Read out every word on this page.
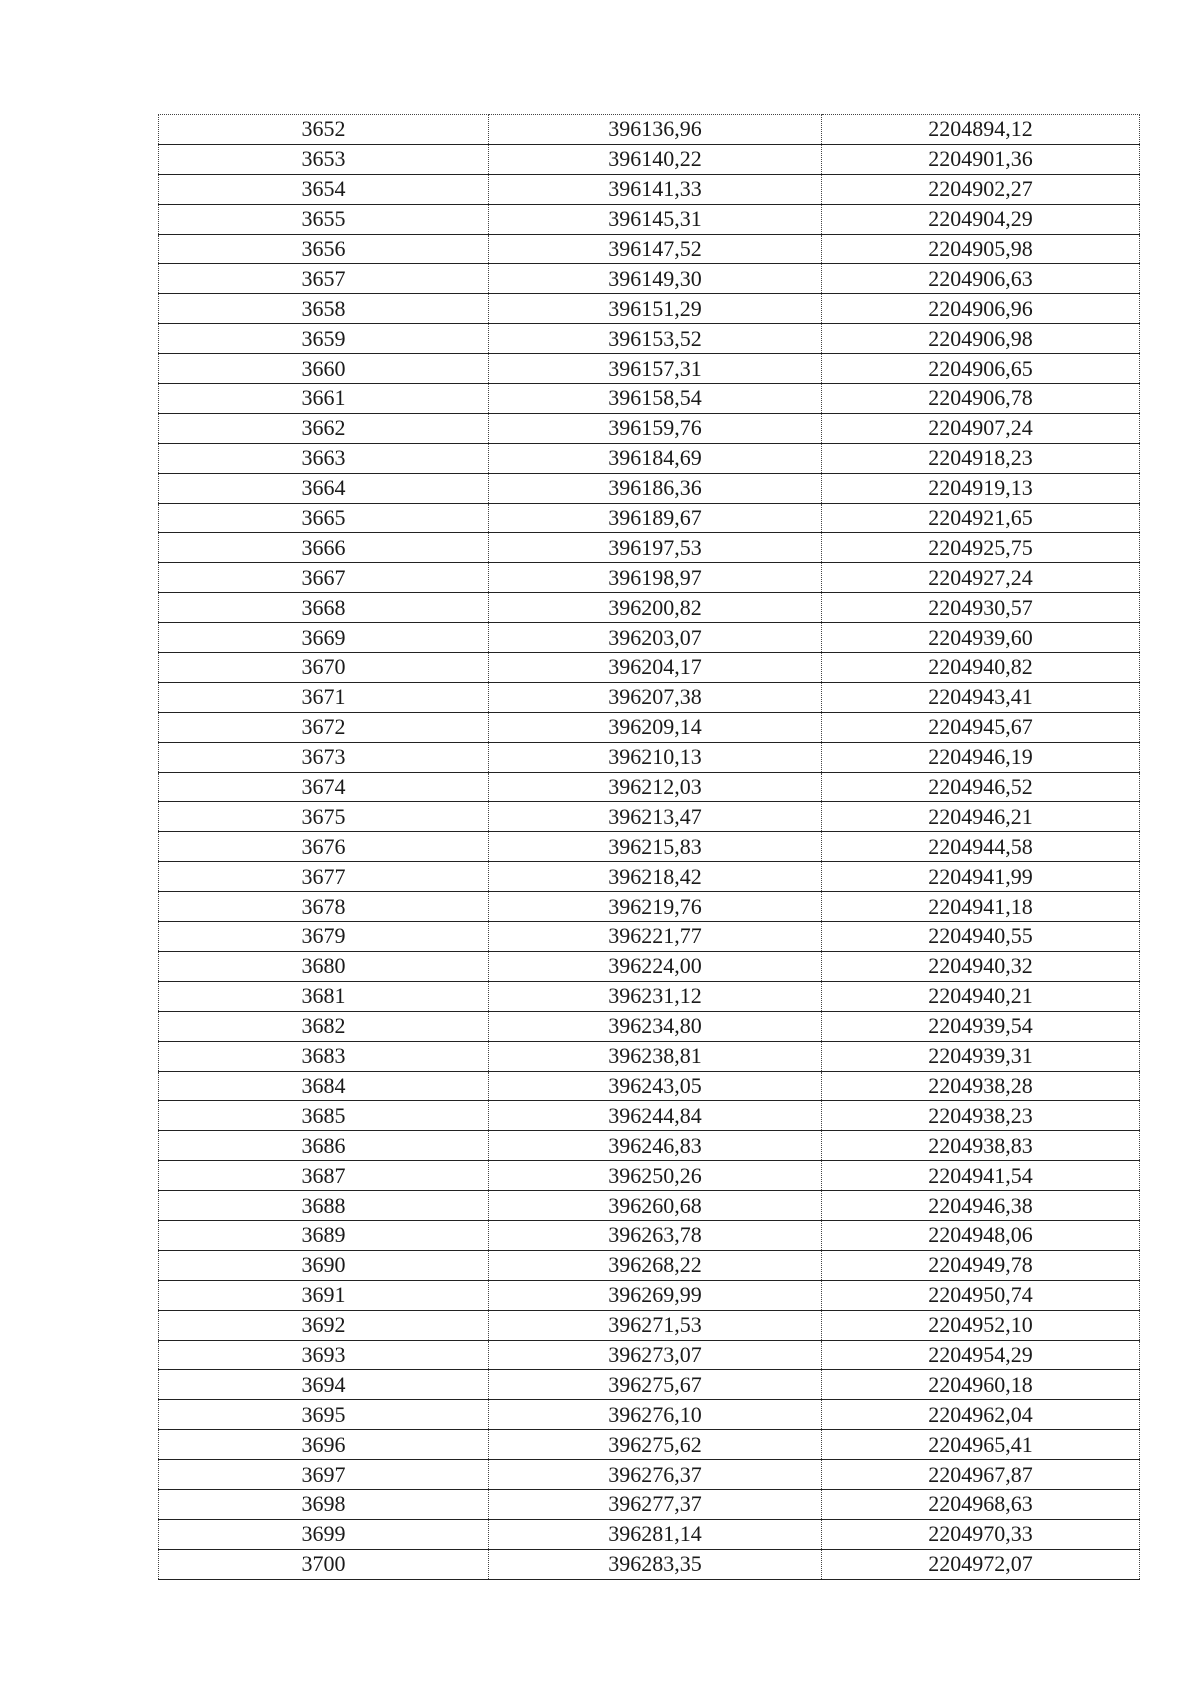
3652	396136,96	2204894,12
3653	396140,22	2204901,36
3654	396141,33	2204902,27
3655	396145,31	2204904,29
3656	396147,52	2204905,98
3657	396149,30	2204906,63
3658	396151,29	2204906,96
3659	396153,52	2204906,98
3660	396157,31	2204906,65
3661	396158,54	2204906,78
3662	396159,76	2204907,24
3663	396184,69	2204918,23
3664	396186,36	2204919,13
3665	396189,67	2204921,65
3666	396197,53	2204925,75
3667	396198,97	2204927,24
3668	396200,82	2204930,57
3669	396203,07	2204939,60
3670	396204,17	2204940,82
3671	396207,38	2204943,41
3672	396209,14	2204945,67
3673	396210,13	2204946,19
3674	396212,03	2204946,52
3675	396213,47	2204946,21
3676	396215,83	2204944,58
3677	396218,42	2204941,99
3678	396219,76	2204941,18
3679	396221,77	2204940,55
3680	396224,00	2204940,32
3681	396231,12	2204940,21
3682	396234,80	2204939,54
3683	396238,81	2204939,31
3684	396243,05	2204938,28
3685	396244,84	2204938,23
3686	396246,83	2204938,83
3687	396250,26	2204941,54
3688	396260,68	2204946,38
3689	396263,78	2204948,06
3690	396268,22	2204949,78
3691	396269,99	2204950,74
3692	396271,53	2204952,10
3693	396273,07	2204954,29
3694	396275,67	2204960,18
3695	396276,10	2204962,04
3696	396275,62	2204965,41
3697	396276,37	2204967,87
3698	396277,37	2204968,63
3699	396281,14	2204970,33
3700	396283,35	2204972,07
